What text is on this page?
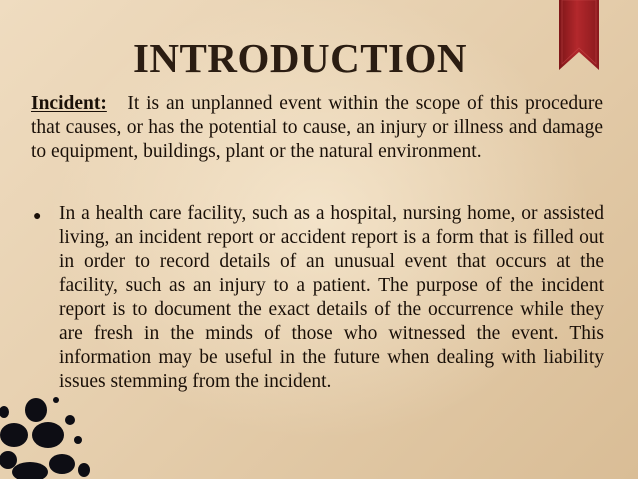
INTRODUCTION

Incident: It is an unplanned event within the scope of this procedure that causes, or has the potential to cause, an injury or illness and damage to equipment, buildings, plant or the natural environment.

● In a health care facility, such as a hospital, nursing home, or assisted living, an incident report or accident report is a form that is filled out in order to record details of an unusual event that occurs at the facility, such as an injury to a patient. The purpose of the incident report is to document the exact details of the occurrence while they are fresh in the minds of those who witnessed the event. This information may be useful in the future when dealing with liability issues stemming from the incident.
